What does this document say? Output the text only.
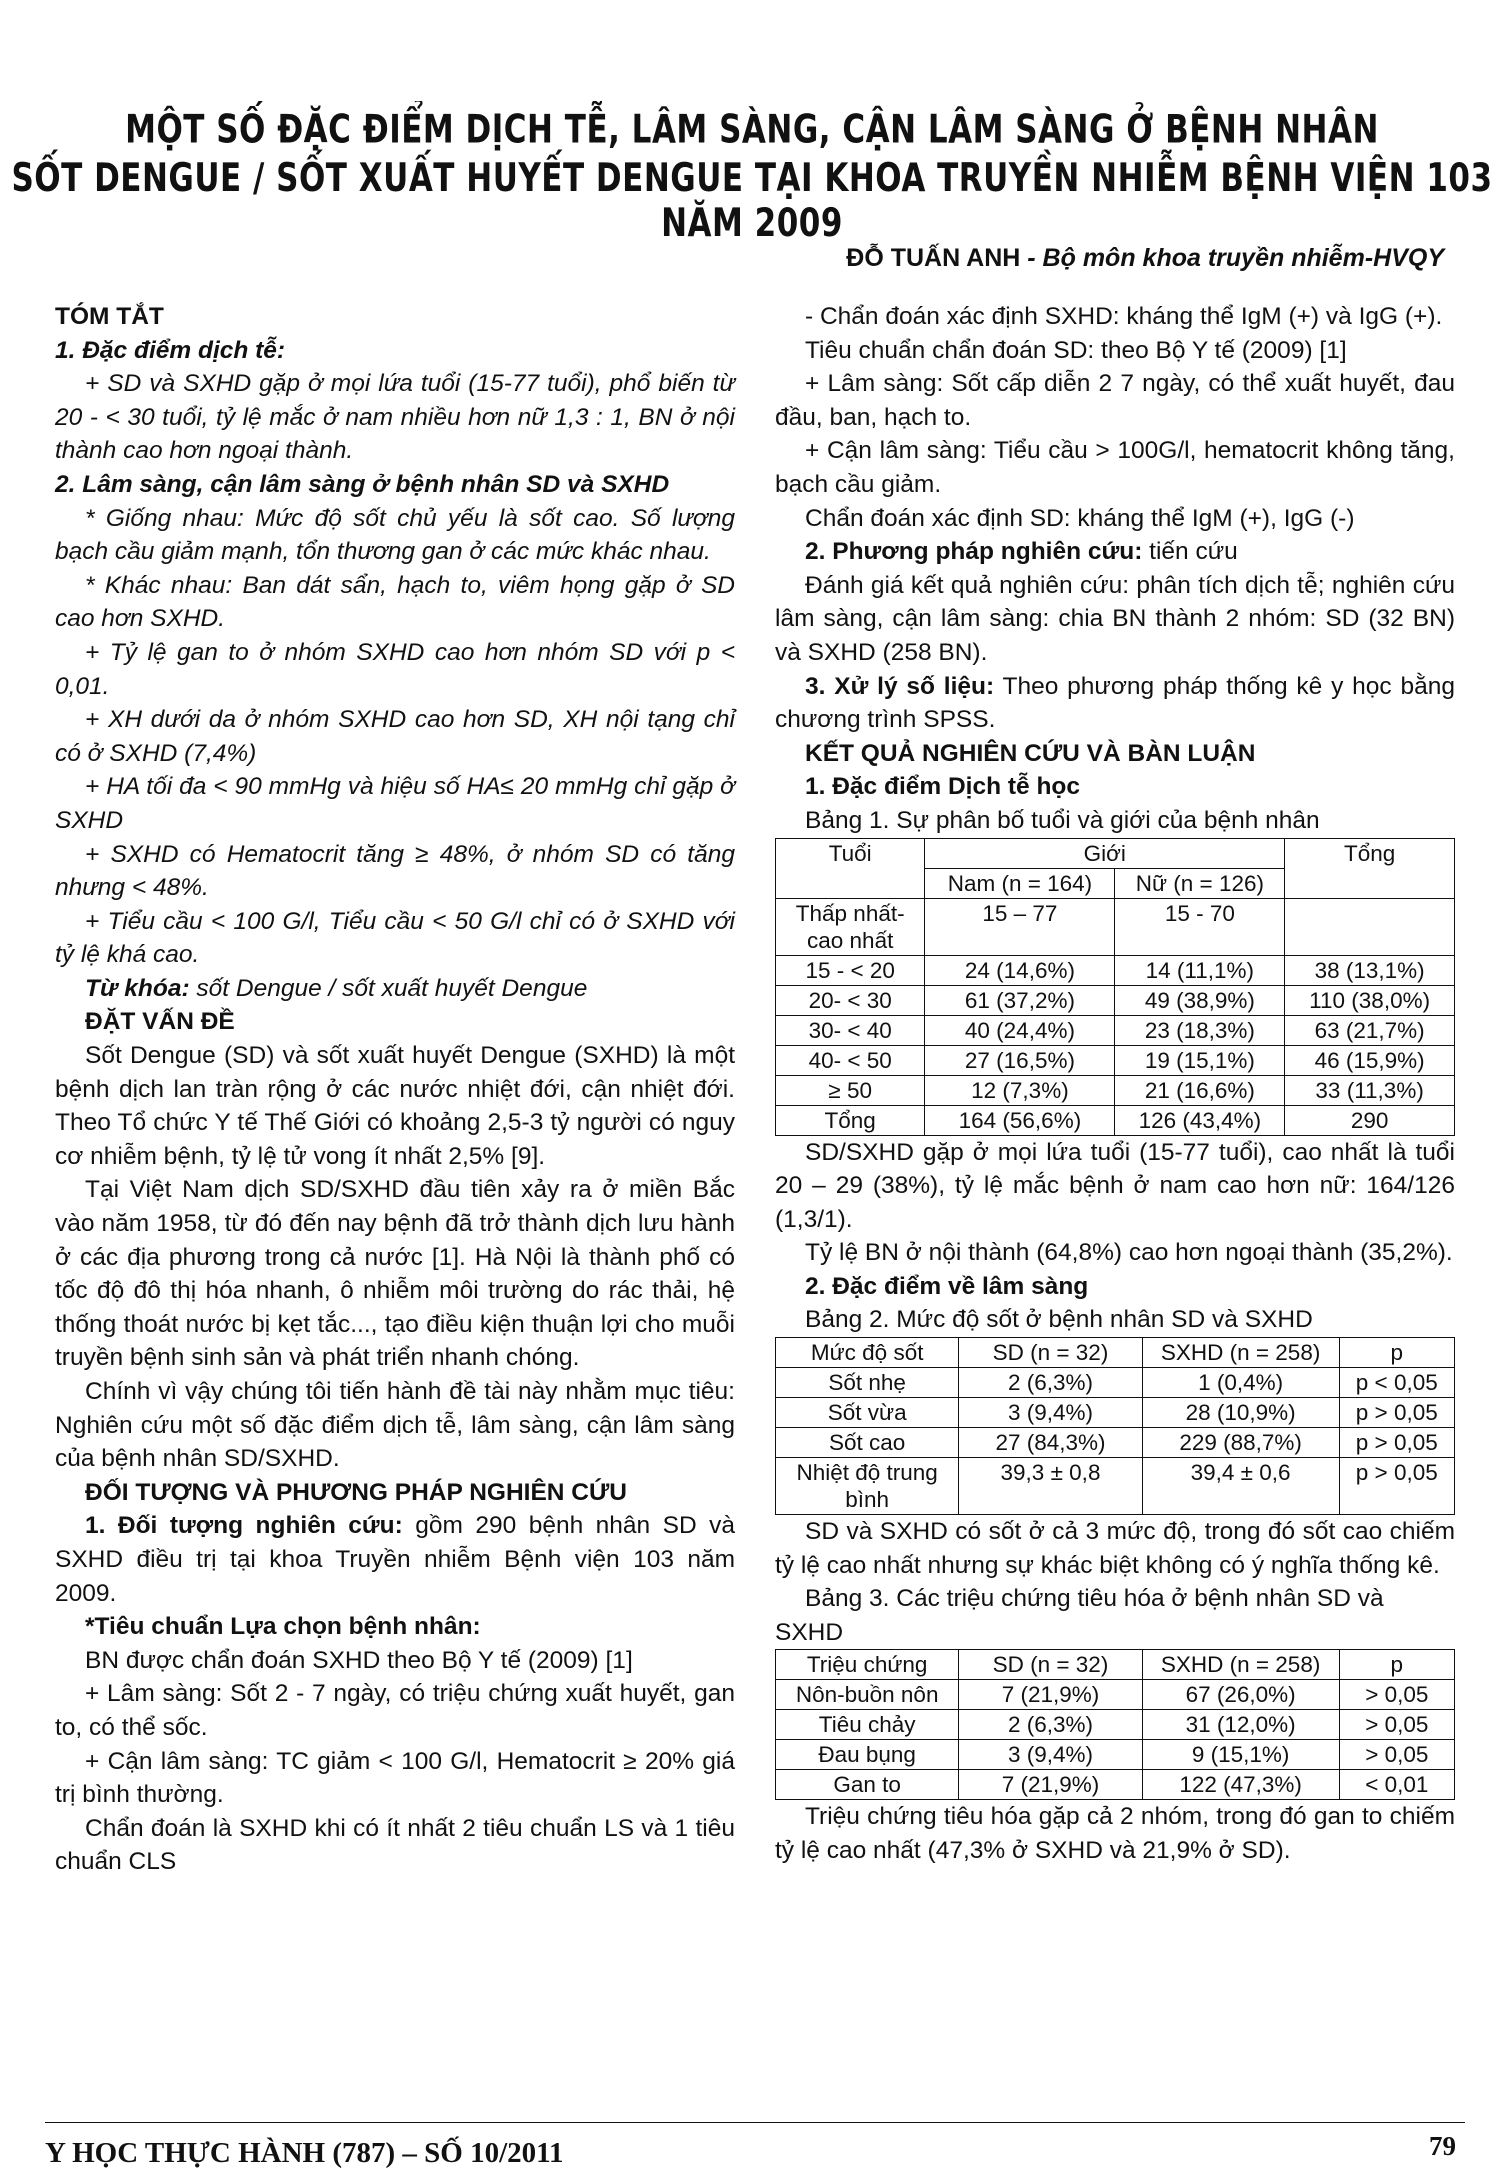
MỘT SỐ ĐẶC ĐIỂM DỊCH TỄ, LÂM SÀNG, CẬN LÂM SÀNG Ở BỆNH NHÂN
SỐT DENGUE / SỐT XUẤT HUYẾT DENGUE TẠI KHOA TRUYỀN NHIỄM BỆNH VIỆN 103 NĂM 2009
ĐỖ TUẤN ANH - Bộ môn khoa truyền nhiễm-HVQY

TÓM TẮT

1. Đặc điểm dịch tễ:

+ SD và SXHD gặp ở mọi lứa tuổi (15-77 tuổi), phổ biến từ 20 - < 30 tuổi, tỷ lệ mắc ở nam nhiều hơn nữ 1,3 : 1, BN ở nội thành cao hơn ngoại thành.

2. Lâm sàng, cận lâm sàng ở bệnh nhân SD và SXHD

* Giống nhau: Mức độ sốt chủ yếu là sốt cao. Số lượng bạch cầu giảm mạnh, tổn thương gan ở các mức khác nhau.

* Khác nhau: Ban dát sẩn, hạch to, viêm họng gặp ở SD cao hơn SXHD.

+ Tỷ lệ gan to ở nhóm SXHD cao hơn nhóm SD với p < 0,01.

+ XH dưới da ở nhóm SXHD cao hơn SD, XH nội tạng chỉ có ở SXHD (7,4%)

+ HA tối đa < 90 mmHg và hiệu số HA≤ 20 mmHg chỉ gặp ở SXHD

+ SXHD có Hematocrit tăng ≥ 48%, ở nhóm SD có tăng nhưng < 48%.

+ Tiểu cầu < 100 G/l, Tiểu cầu < 50 G/l chỉ có ở SXHD với tỷ lệ khá cao.

Từ khóa: sốt Dengue / sốt xuất huyết Dengue

ĐẶT VẤN ĐỀ

Sốt Dengue (SD) và sốt xuất huyết Dengue (SXHD) là một bệnh dịch lan tràn rộng ở các nước nhiệt đới, cận nhiệt đới. Theo Tổ chức Y tế Thế Giới có khoảng 2,5-3 tỷ người có nguy cơ nhiễm bệnh, tỷ lệ tử vong ít nhất 2,5% [9].

Tại Việt Nam dịch SD/SXHD đầu tiên xảy ra ở miền Bắc vào năm 1958, từ đó đến nay bệnh đã trở thành dịch lưu hành ở các địa phương trong cả nước [1]. Hà Nội là thành phố có tốc độ đô thị hóa nhanh, ô nhiễm môi trường do rác thải, hệ thống thoát nước bị kẹt tắc..., tạo điều kiện thuận lợi cho muỗi truyền bệnh sinh sản và phát triển nhanh chóng.

Chính vì vậy chúng tôi tiến hành đề tài này nhằm mục tiêu: Nghiên cứu một số đặc điểm dịch tễ, lâm sàng, cận lâm sàng của bệnh nhân SD/SXHD.

ĐỐI TƯỢNG VÀ PHƯƠNG PHÁP NGHIÊN CỨU

1. Đối tượng nghiên cứu: gồm 290 bệnh nhân SD và SXHD điều trị tại khoa Truyền nhiễm Bệnh viện 103 năm 2009.

*Tiêu chuẩn Lựa chọn bệnh nhân:

BN được chẩn đoán SXHD theo Bộ Y tế (2009) [1]

+ Lâm sàng: Sốt 2 - 7 ngày, có triệu chứng xuất huyết, gan to, có thể sốc.

+ Cận lâm sàng: TC giảm < 100 G/l, Hematocrit ≥ 20% giá trị bình thường.

Chẩn đoán là SXHD khi có ít nhất 2 tiêu chuẩn LS và 1 tiêu chuẩn CLS

- Chẩn đoán xác định SXHD: kháng thể IgM (+) và IgG (+).

Tiêu chuẩn chẩn đoán SD: theo Bộ Y tế (2009) [1]

+ Lâm sàng: Sốt cấp diễn 2 7 ngày, có thể xuất huyết, đau đầu, ban, hạch to.

+ Cận lâm sàng: Tiểu cầu > 100G/l, hematocrit không tăng, bạch cầu giảm.

Chẩn đoán xác định SD: kháng thể IgM (+), IgG (-)

2. Phương pháp nghiên cứu: tiến cứu

Đánh giá kết quả nghiên cứu: phân tích dịch tễ; nghiên cứu lâm sàng, cận lâm sàng: chia BN thành 2 nhóm: SD (32 BN) và SXHD (258 BN).

3. Xử lý số liệu: Theo phương pháp thống kê y học bằng chương trình SPSS.

KẾT QUẢ NGHIÊN CỨU VÀ BÀN LUẬN

1. Đặc điểm Dịch tễ học

Bảng 1. Sự phân bố tuổi và giới của bệnh nhân

Tuổi	Giới		Tổng
	Nam (n = 164)	Nữ (n = 126)	
Thấp nhất-cao nhất	15 – 77	15 - 70	
15 - < 20	24 (14,6%)	14 (11,1%)	38 (13,1%)
20- < 30	61 (37,2%)	49 (38,9%)	110 (38,0%)
30- < 40	40 (24,4%)	23 (18,3%)	63 (21,7%)
40- < 50	27 (16,5%)	19 (15,1%)	46 (15,9%)
≥ 50	12 (7,3%)	21 (16,6%)	33 (11,3%)
Tổng	164 (56,6%)	126 (43,4%)	290

SD/SXHD gặp ở mọi lứa tuổi (15-77 tuổi), cao nhất là tuổi 20 – 29 (38%), tỷ lệ mắc bệnh ở nam cao hơn nữ: 164/126 (1,3/1).

Tỷ lệ BN ở nội thành (64,8%) cao hơn ngoại thành (35,2%).

2. Đặc điểm về lâm sàng

Bảng 2. Mức độ sốt ở bệnh nhân SD và SXHD

Mức độ sốt	SD (n = 32)	SXHD (n = 258)	p
Sốt nhẹ	2 (6,3%)	1 (0,4%)	p < 0,05
Sốt vừa	3 (9,4%)	28 (10,9%)	p > 0,05
Sốt cao	27 (84,3%)	229 (88,7%)	p > 0,05
Nhiệt độ trung bình	39,3 ± 0,8	39,4 ± 0,6	p > 0,05

SD và SXHD có sốt ở cả 3 mức độ, trong đó sốt cao chiếm tỷ lệ cao nhất nhưng sự khác biệt không có ý nghĩa thống kê.

Bảng 3. Các triệu chứng tiêu hóa ở bệnh nhân SD và SXHD

Triệu chứng	SD (n = 32)	SXHD (n = 258)	p
Nôn-buồn nôn	7 (21,9%)	67 (26,0%)	> 0,05
Tiêu chảy	2 (6,3%)	31 (12,0%)	> 0,05
Đau bụng	3 (9,4%)	9 (15,1%)	> 0,05
Gan to	7 (21,9%)	122 (47,3%)	< 0,01

Triệu chứng tiêu hóa gặp cả 2 nhóm, trong đó gan to chiếm tỷ lệ cao nhất (47,3% ở SXHD và 21,9% ở SD).

Y HỌC THỰC HÀNH (787) – SỐ 10/2011	79
